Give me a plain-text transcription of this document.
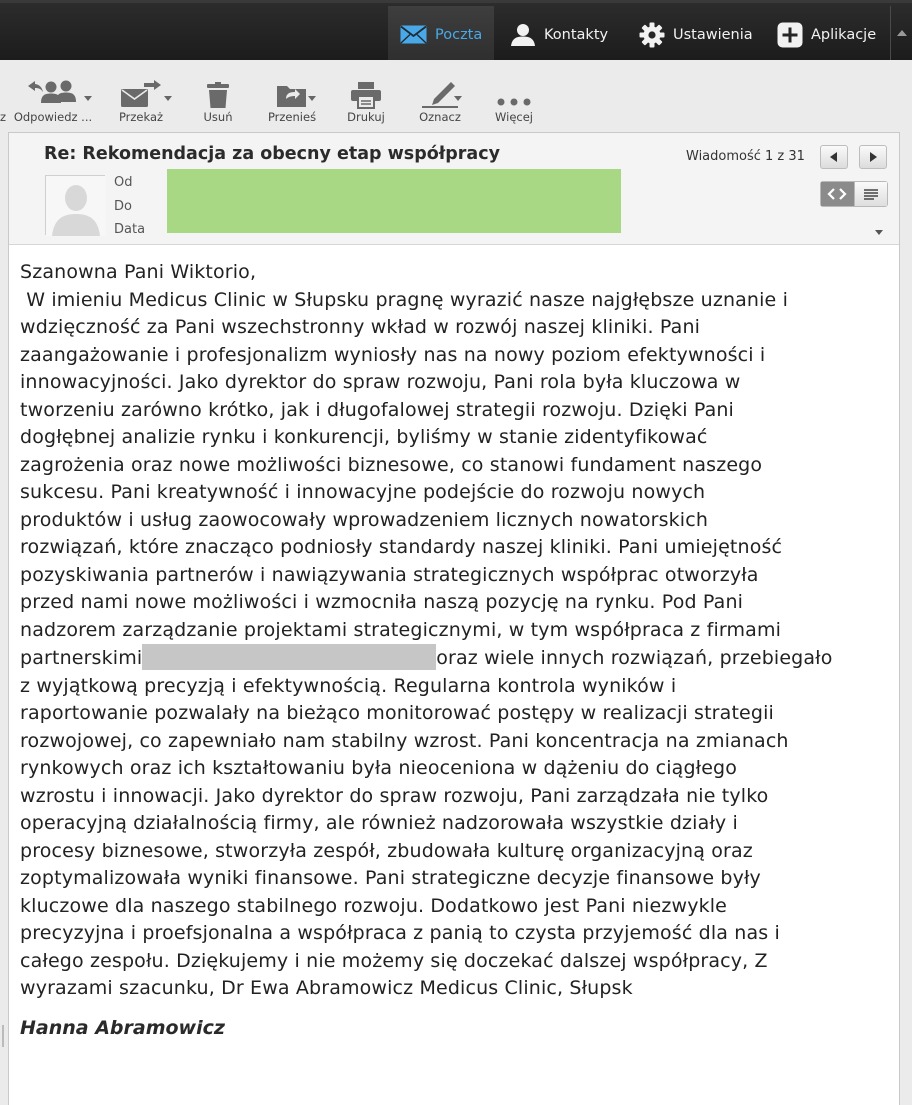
Poczta	Kontakty	Ustawienia	Aplikacje
z Odpowiedz ...	Przekaż	Usuń	Przenieś	Drukuj	Oznacz	Więcej
Re: Rekomendacja za obecny etap współpracy	Wiadomość 1 z 31
Od
Do
Data

Szanowna Pani Wiktorio,

W imieniu Medicus Clinic w Słupsku pragnę wyrazić nasze najgłębsze uznanie i

wdzięczność za Pani wszechstronny wkład w rozwój naszej kliniki. Pani

zaangażowanie i profesjonalizm wyniosły nas na nowy poziom efektywności i

innowacyjności. Jako dyrektor do spraw rozwoju, Pani rola była kluczowa w

tworzeniu zarówno krótko, jak i długofalowej strategii rozwoju. Dzięki Pani

dogłębnej analizie rynku i konkurencji, byliśmy w stanie zidentyfikować

zagrożenia oraz nowe możliwości biznesowe, co stanowi fundament naszego

sukcesu. Pani kreatywność i innowacyjne podejście do rozwoju nowych

produktów i usług zaowocowały wprowadzeniem licznych nowatorskich

rozwiązań, które znacząco podniosły standardy naszej kliniki. Pani umiejętność

pozyskiwania partnerów i nawiązywania strategicznych współprac otworzyła

przed nami nowe możliwości i wzmocniła naszą pozycję na rynku. Pod Pani

nadzorem zarządzanie projektami strategicznymi, w tym współpraca z firmami

partnerskimi	oraz wiele innych rozwiązań, przebiegało

z wyjątkową precyzją i efektywnością. Regularna kontrola wyników i

raportowanie pozwalały na bieżąco monitorować postępy w realizacji strategii

rozwojowej, co zapewniało nam stabilny wzrost. Pani koncentracja na zmianach

rynkowych oraz ich kształtowaniu była nieoceniona w dążeniu do ciągłego

wzrostu i innowacji. Jako dyrektor do spraw rozwoju, Pani zarządzała nie tylko

operacyjną działalnością firmy, ale również nadzorowała wszystkie działy i

procesy biznesowe, stworzyła zespół, zbudowała kulturę organizacyjną oraz

zoptymalizowała wyniki finansowe. Pani strategiczne decyzje finansowe były

kluczowe dla naszego stabilnego rozwoju. Dodatkowo jest Pani niezwykle

precyzyjna i proefsjonalna a współpraca z panią to czysta przyjemość dla nas i

całego zespołu. Dziękujemy i nie możemy się doczekać dalszej współpracy, Z

wyrazami szacunku, Dr Ewa Abramowicz Medicus Clinic, Słupsk

Hanna Abramowicz
